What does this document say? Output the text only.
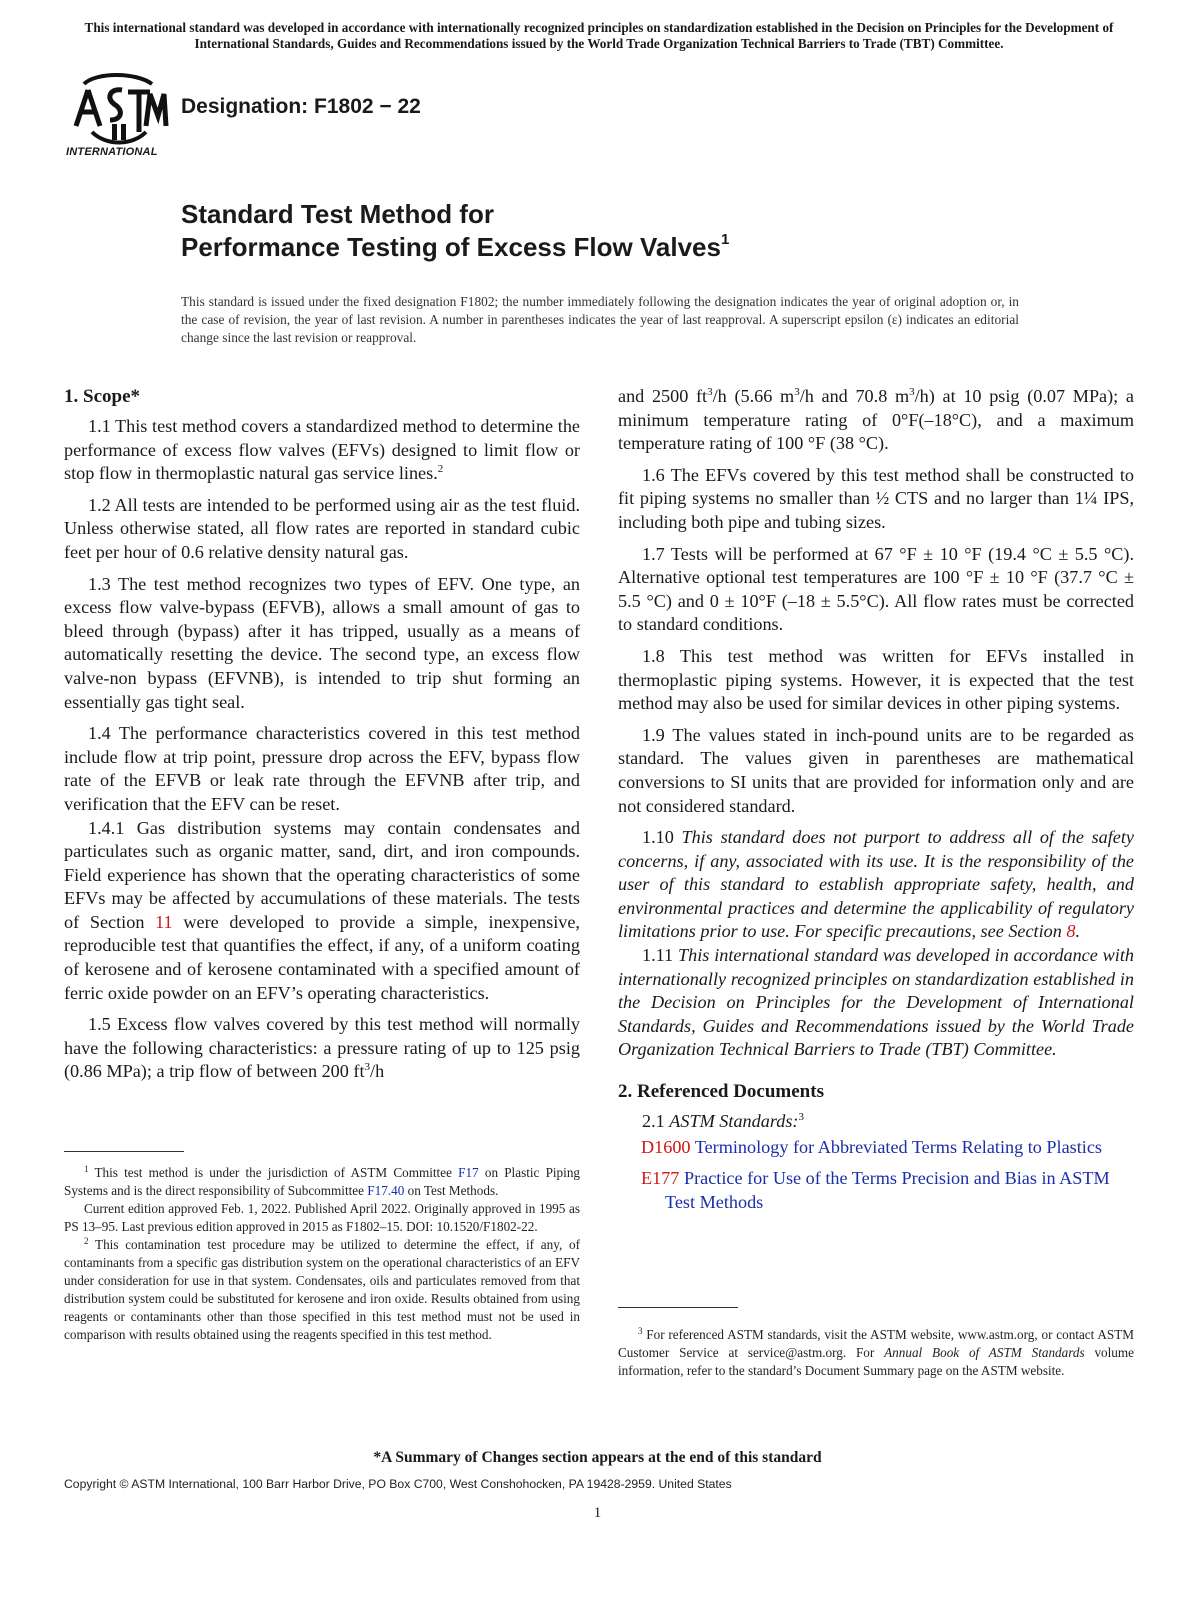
This international standard was developed in accordance with internationally recognized principles on standardization established in the Decision on Principles for the Development of International Standards, Guides and Recommendations issued by the World Trade Organization Technical Barriers to Trade (TBT) Committee.
INTERNATIONAL
Designation: F1802 − 22
Standard Test Method for
Performance Testing of Excess Flow Valves$^1$
This standard is issued under the fixed designation F1802; the number immediately following the designation indicates the year of original adoption or, in the case of revision, the year of last revision. A number in parentheses indicates the year of last reapproval. A superscript epsilon (ε) indicates an editorial change since the last revision or reapproval.
1. Scope*

1.1 This test method covers a standardized method to determine the performance of excess flow valves (EFVs) designed to limit flow or stop flow in thermoplastic natural gas service lines.$^2$

1.2 All tests are intended to be performed using air as the test fluid. Unless otherwise stated, all flow rates are reported in standard cubic feet per hour of 0.6 relative density natural gas.

1.3 The test method recognizes two types of EFV. One type, an excess flow valve-bypass (EFVB), allows a small amount of gas to bleed through (bypass) after it has tripped, usually as a means of automatically resetting the device. The second type, an excess flow valve-non bypass (EFVNB), is intended to trip shut forming an essentially gas tight seal.

1.4 The performance characteristics covered in this test method include flow at trip point, pressure drop across the EFV, bypass flow rate of the EFVB or leak rate through the EFVNB after trip, and verification that the EFV can be reset.

1.4.1 Gas distribution systems may contain condensates and particulates such as organic matter, sand, dirt, and iron compounds. Field experience has shown that the operating characteristics of some EFVs may be affected by accumulations of these materials. The tests of Section 11 were developed to provide a simple, inexpensive, reproducible test that quantifies the effect, if any, of a uniform coating of kerosene and of kerosene contaminated with a specified amount of ferric oxide powder on an EFV’s operating characteristics.

1.5 Excess flow valves covered by this test method will normally have the following characteristics: a pressure rating of up to 125 psig (0.86 MPa); a trip flow of between 200 $ft^3/h$

and 2500 $ft^3/h$ (5.66 $m^3/h$ and 70.8 $m^3/h$) at 10 psig (0.07 MPa); a minimum temperature rating of 0°F(–18°C), and a maximum temperature rating of 100 °F (38 °C).

1.6 The EFVs covered by this test method shall be constructed to fit piping systems no smaller than ½ CTS and no larger than 1¼ IPS, including both pipe and tubing sizes.

1.7 Tests will be performed at 67 °F ± 10 °F (19.4 °C ± 5.5 °C). Alternative optional test temperatures are 100 °F ± 10 °F (37.7 °C ± 5.5 °C) and 0 ± 10°F (–18 ± 5.5°C). All flow rates must be corrected to standard conditions.

1.8 This test method was written for EFVs installed in thermoplastic piping systems. However, it is expected that the test method may also be used for similar devices in other piping systems.

1.9 The values stated in inch-pound units are to be regarded as standard. The values given in parentheses are mathematical conversions to SI units that are provided for information only and are not considered standard.

1.10 This standard does not purport to address all of the safety concerns, if any, associated with its use. It is the responsibility of the user of this standard to establish appropriate safety, health, and environmental practices and determine the applicability of regulatory limitations prior to use. For specific precautions, see Section 8.

1.11 This international standard was developed in accordance with internationally recognized principles on standardization established in the Decision on Principles for the Development of International Standards, Guides and Recommendations issued by the World Trade Organization Technical Barriers to Trade (TBT) Committee.

2. Referenced Documents

2.1 ASTM Standards:$^3$

D1600 Terminology for Abbreviated Terms Relating to Plastics

E177 Practice for Use of the Terms Precision and Bias in ASTM Test Methods

$^1$ This test method is under the jurisdiction of ASTM Committee F17 on Plastic Piping Systems and is the direct responsibility of Subcommittee F17.40 on Test Methods.

Current edition approved Feb. 1, 2022. Published April 2022. Originally approved in 1995 as PS 13–95. Last previous edition approved in 2015 as F1802–15. DOI: 10.1520/F1802-22.

$^2$ This contamination test procedure may be utilized to determine the effect, if any, of contaminants from a specific gas distribution system on the operational characteristics of an EFV under consideration for use in that system. Condensates, oils and particulates removed from that distribution system could be substituted for kerosene and iron oxide. Results obtained from using reagents or contaminants other than those specified in this test method must not be used in comparison with results obtained using the reagents specified in this test method.	$^3$ For referenced ASTM standards, visit the ASTM website, www.astm.org, or contact ASTM Customer Service at service@astm.org. For Annual Book of ASTM Standards volume information, refer to the standard’s Document Summary page on the ASTM website.

*A Summary of Changes section appears at the end of this standard
Copyright © ASTM International, 100 Barr Harbor Drive, PO Box C700, West Conshohocken, PA 19428-2959. United States
1
